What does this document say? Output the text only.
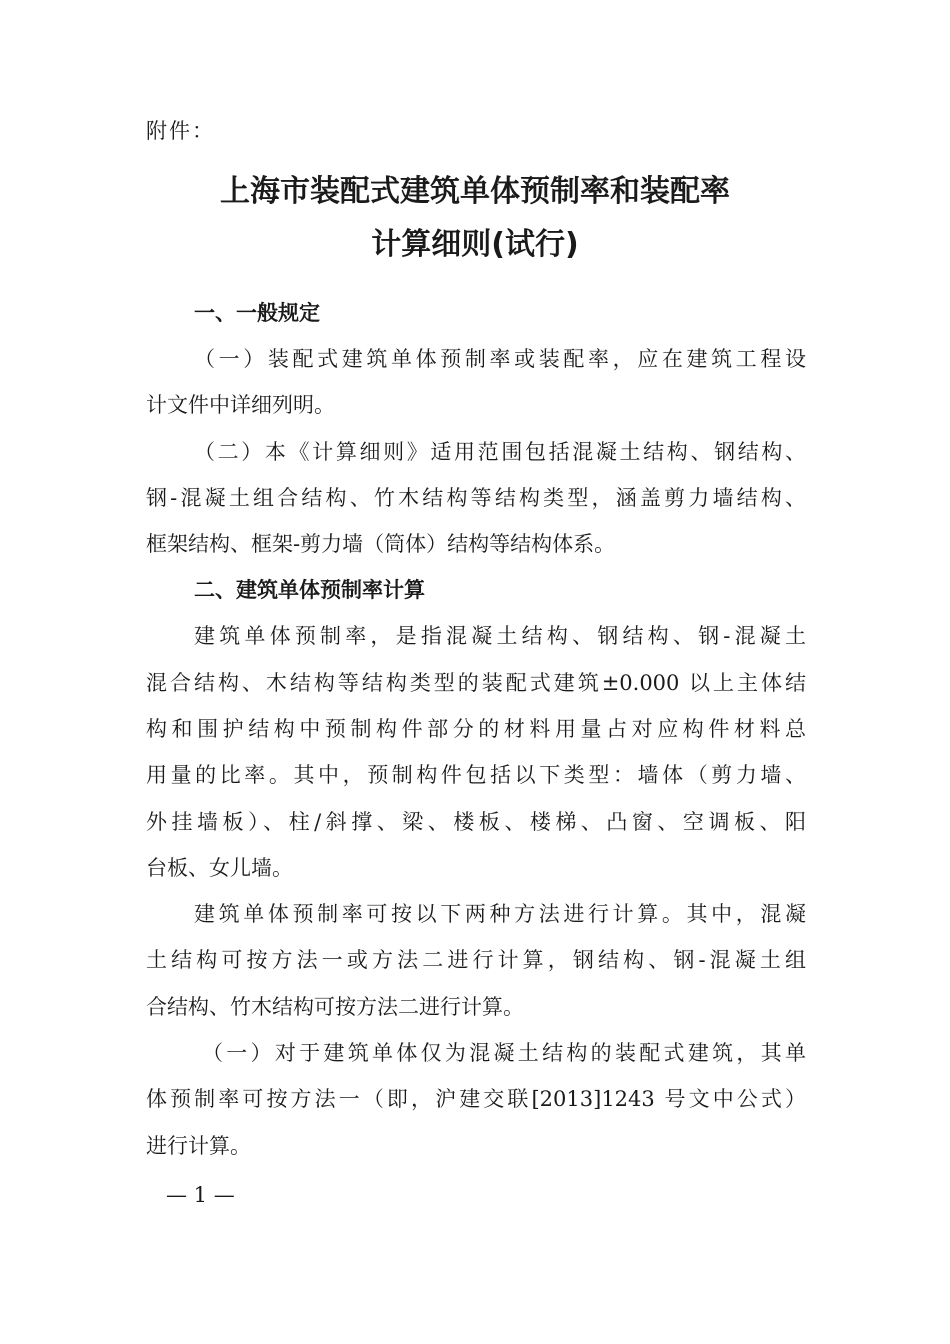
附件：
上海市装配式建筑单体预制率和装配率
计算细则(试行)
一、一般规定
（一）装配式建筑单体预制率或装配率，应在建筑工程设
计文件中详细列明。
（二）本《计算细则》适用范围包括混凝土结构、钢结构、
钢-混凝土组合结构、竹木结构等结构类型，涵盖剪力墙结构、
框架结构、框架-剪力墙（筒体）结构等结构体系。
二、建筑单体预制率计算
建筑单体预制率，是指混凝土结构、钢结构、钢-混凝土
混合结构、木结构等结构类型的装配式建筑±0.000 以上主体结
构和围护结构中预制构件部分的材料用量占对应构件材料总
用量的比率。其中，预制构件包括以下类型：墙体（剪力墙、
外挂墙板）、柱/斜撑、梁、楼板、楼梯、凸窗、空调板、阳
台板、女儿墙。
建筑单体预制率可按以下两种方法进行计算。其中，混凝
土结构可按方法一或方法二进行计算，钢结构、钢-混凝土组
合结构、竹木结构可按方法二进行计算。
（一）对于建筑单体仅为混凝土结构的装配式建筑，其单
体预制率可按方法一（即，沪建交联[2013]1243 号文中公式）
进行计算。
— 1 —
